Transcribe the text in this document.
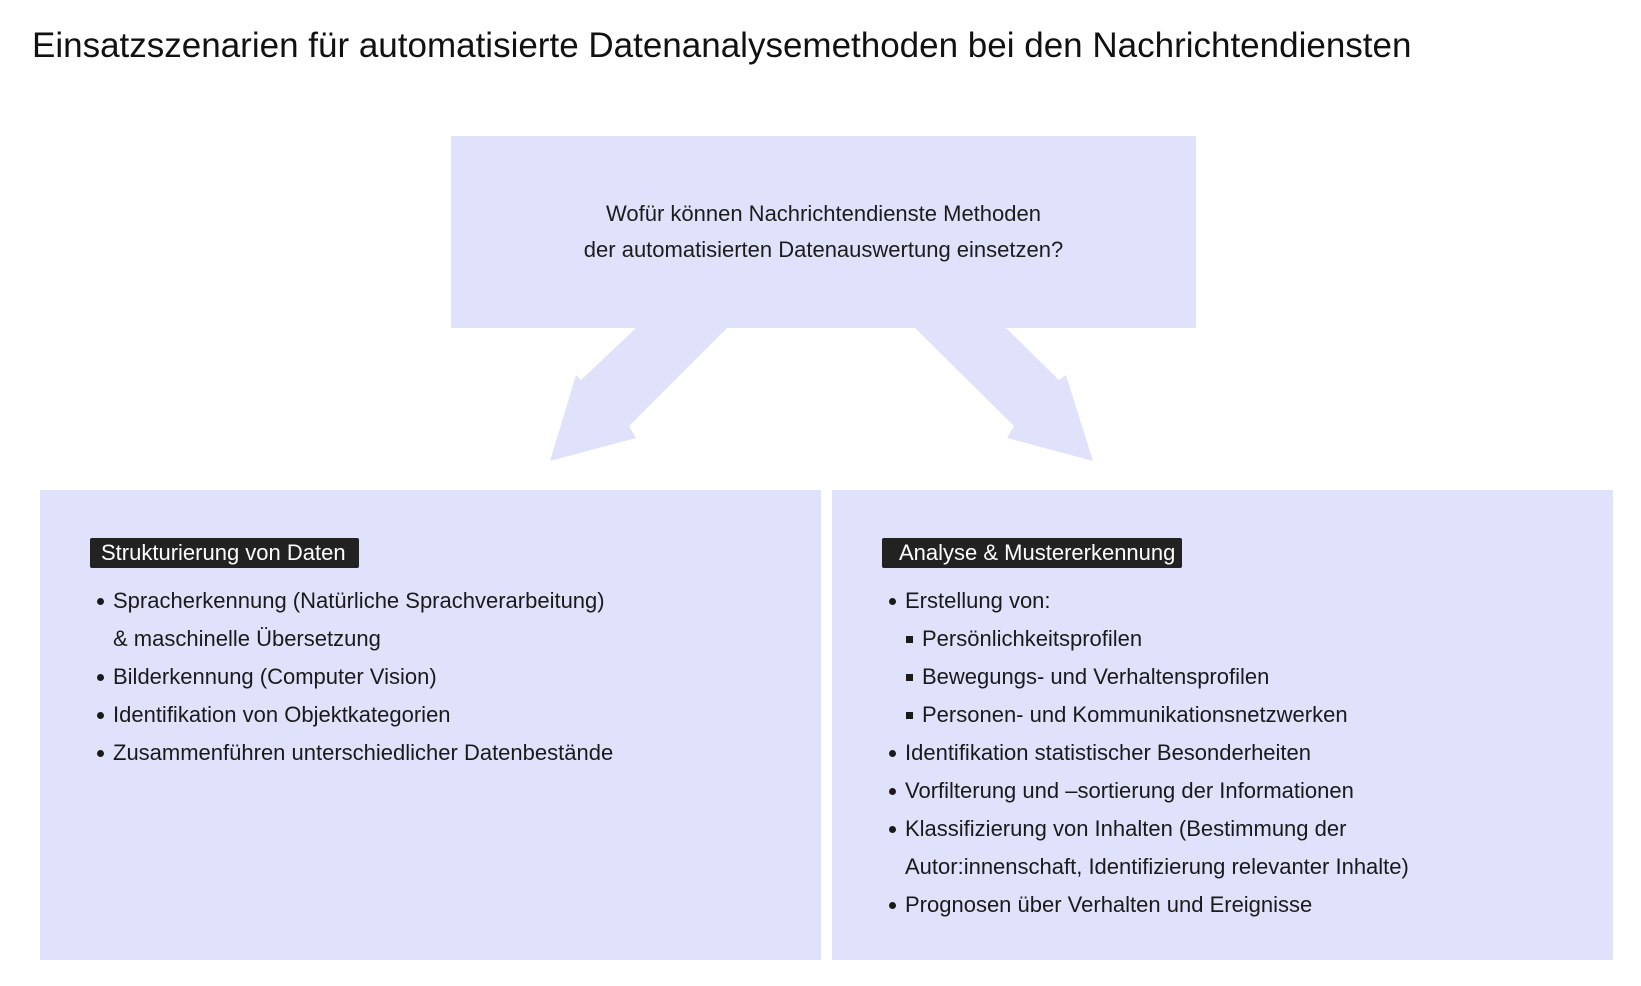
Einsatzszenarien für automatisierte Datenanalysemethoden bei den Nachrichtendiensten
Wofür können Nachrichtendienste Methoden
der automatisierten Datenauswertung einsetzen?
Strukturierung von Daten
Spracherkennung (Natürliche Sprachverarbeitung)
& maschinelle Übersetzung
Bilderkennung (Computer Vision)
Identifikation von Objektkategorien
Zusammenführen unterschiedlicher Datenbestände
Analyse & Mustererkennung
Erstellung von:
Persönlichkeitsprofilen
Bewegungs- und Verhaltensprofilen
Personen- und Kommunikationsnetzwerken
Identifikation statistischer Besonderheiten
Vorfilterung und –sortierung der Informationen
Klassifizierung von Inhalten (Bestimmung der
Autor:innenschaft, Identifizierung relevanter Inhalte)
Prognosen über Verhalten und Ereignisse
